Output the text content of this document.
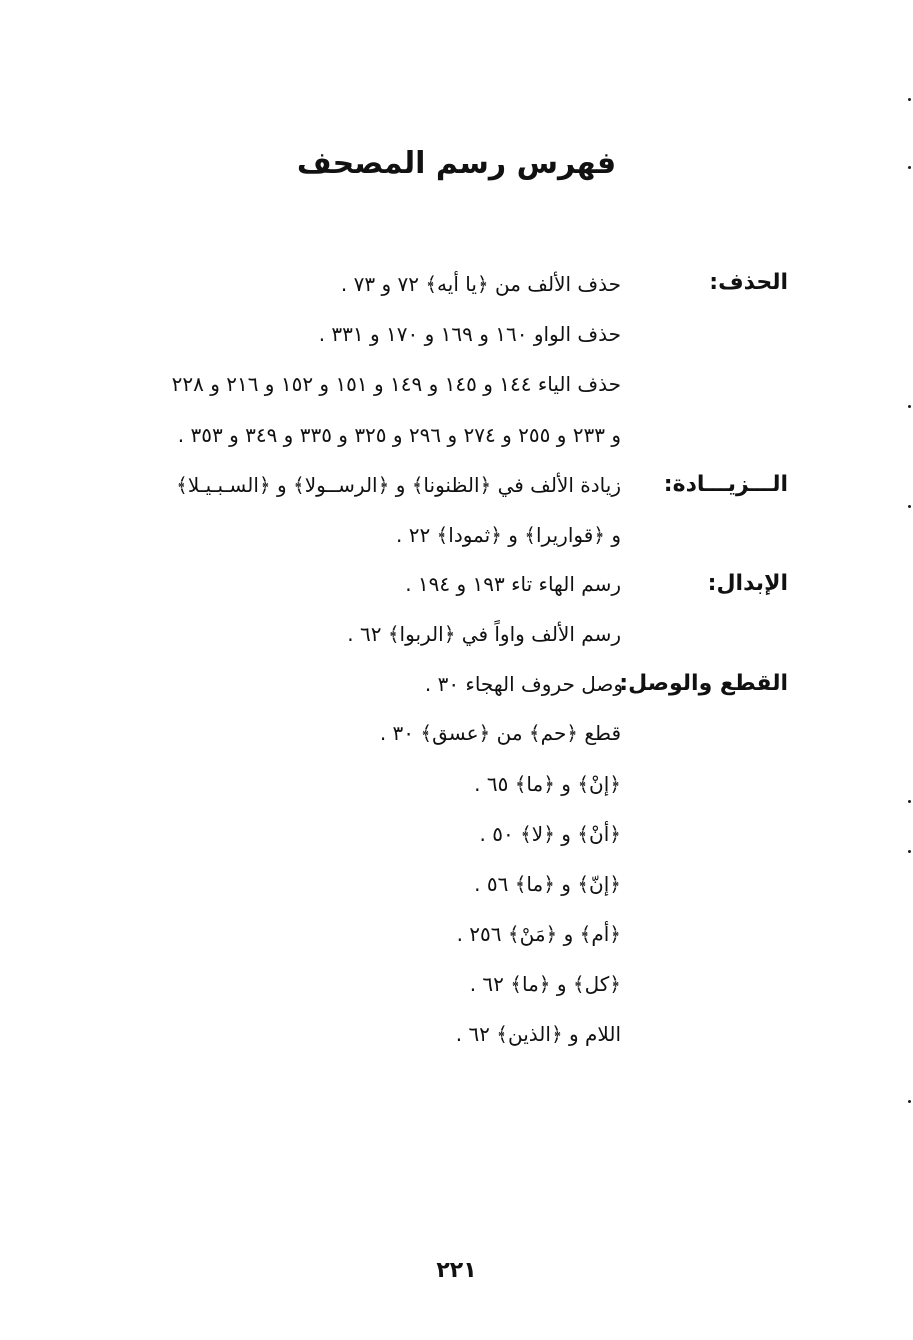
فهرس رسم المصحف
الحذف:
حذف الألف من ﴿يا أيه﴾ ٧٢ و ٧٣ .
حذف الواو ١٦٠ و ١٦٩ و ١٧٠ و ٣٣١ .
حذف الياء ١٤٤ و ١٤٥ و ١٤٩ و ١٥١ و ١٥٢ و ٢١٦ و ٢٢٨
و ٢٣٣ و ٢٥٥ و ٢٧٤ و ٢٩٦ و ٣٢٥ و ٣٣٥ و ٣٤٩ و ٣٥٣ .
الـــزيـــادة:
زيادة الألف في ﴿الظنونا﴾ و ﴿الرســولا﴾ و ﴿السـبـيـلا﴾
و ﴿قواريرا﴾ و ﴿ثمودا﴾ ٢٢ .
الإبدال:
رسم الهاء تاء ١٩٣ و ١٩٤ .
رسم الألف واواً في ﴿الربوا﴾ ٦٢ .
القطع والوصل:
وصل حروف الهجاء ٣٠ .
قطع ﴿حم﴾ من ﴿عسق﴾ ٣٠ .
﴿إنْ﴾ و ﴿ما﴾ ٦٥ .
﴿أنْ﴾ و ﴿لا﴾ ٥٠ .
﴿إنّ﴾ و ﴿ما﴾ ٥٦ .
﴿أم﴾ و ﴿مَنْ﴾ ٢٥٦ .
﴿كل﴾ و ﴿ما﴾ ٦٢ .
اللام و ﴿الذين﴾ ٦٢ .
٢٢١
